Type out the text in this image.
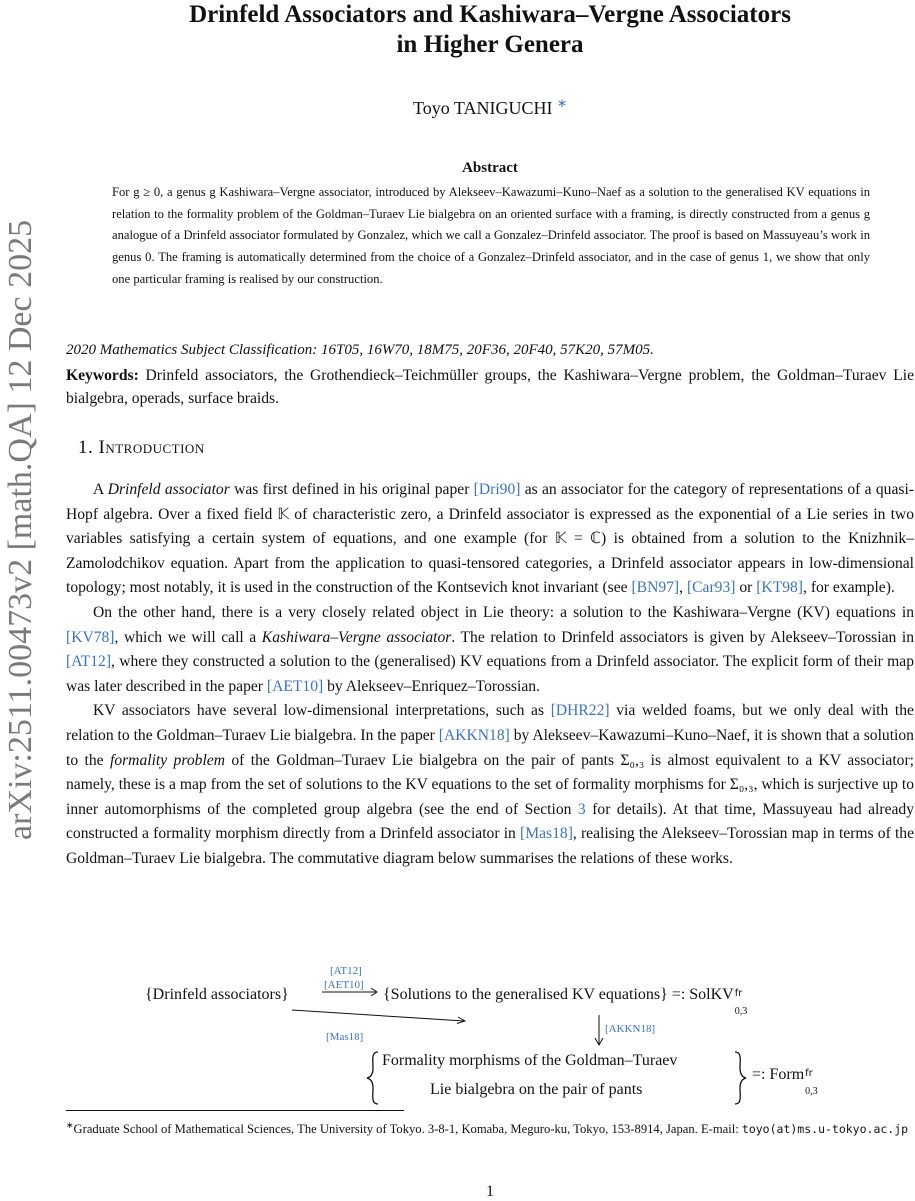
arXiv:2511.00473v2 [math.QA] 12 Dec 2025
Drinfeld Associators and Kashiwara–Vergne Associators
in Higher Genera
Toyo TANIGUCHI ∗
Abstract
For g ≥ 0, a genus g Kashiwara–Vergne associator, introduced by Alekseev–Kawazumi–Kuno–Naef as a solution to the generalised KV equations in relation to the formality problem of the Goldman–Turaev Lie bialgebra on an oriented surface with a framing, is directly constructed from a genus g analogue of a Drinfeld associator formulated by Gonzalez, which we call a Gonzalez–Drinfeld associator. The proof is based on Massuyeau’s work in genus 0. The framing is automatically determined from the choice of a Gonzalez–Drinfeld associator, and in the case of genus 1, we show that only one particular framing is realised by our construction.
2020 Mathematics Subject Classification: 16T05, 16W70, 18M75, 20F36, 20F40, 57K20, 57M05.
Keywords: Drinfeld associators, the Grothendieck–Teichmüller groups, the Kashiwara–Vergne problem, the Goldman–Turaev Lie bialgebra, operads, surface braids.
1. Introduction

A Drinfeld associator was first defined in his original paper [Dri90] as an associator for the category of representations of a quasi-Hopf algebra. Over a fixed field 𝕂 of characteristic zero, a Drinfeld associator is expressed as the exponential of a Lie series in two variables satisfying a certain system of equations, and one example (for 𝕂 = ℂ) is obtained from a solution to the Knizhnik–Zamolodchikov equation. Apart from the application to quasi-tensored categories, a Drinfeld associator appears in low-dimensional topology; most notably, it is used in the construction of the Kontsevich knot invariant (see [BN97], [Car93] or [KT98], for example).

On the other hand, there is a very closely related object in Lie theory: a solution to the Kashiwara–Vergne (KV) equations in [KV78], which we will call a Kashiwara–Vergne associator. The relation to Drinfeld associators is given by Alekseev–Torossian in [AT12], where they constructed a solution to the (generalised) KV equations from a Drinfeld associator. The explicit form of their map was later described in the paper [AET10] by Alekseev–Enriquez–Torossian.

KV associators have several low-dimensional interpretations, such as [DHR22] via welded foams, but we only deal with the relation to the Goldman–Turaev Lie bialgebra. In the paper [AKKN18] by Alekseev–Kawazumi–Kuno–Naef, it is shown that a solution to the formality problem of the Goldman–Turaev Lie bialgebra on the pair of pants Σ₀,₃ is almost equivalent to a KV associator; namely, these is a map from the set of solutions to the KV equations to the set of formality morphisms for Σ₀,₃, which is surjective up to inner automorphisms of the completed group algebra (see the end of Section 3 for details). At that time, Massuyeau had already constructed a formality morphism directly from a Drinfeld associator in [Mas18], realising the Alekseev–Torossian map in terms of the Goldman–Turaev Lie bialgebra. The commutative diagram below summarises the relations of these works.

{Drinfeld associators}
[AT12]
[AET10]
{Solutions to the generalised KV equations} =: SolKV fr
0,3
[Mas18]
[AKKN18]
Formality morphisms of the Goldman–Turaev
Lie bialgebra on the pair of pants
=: Form fr
0,3
∗Graduate School of Mathematical Sciences, The University of Tokyo. 3-8-1, Komaba, Meguro-ku, Tokyo, 153-8914, Japan. E-mail: toyo(at)ms.u-tokyo.ac.jp
1
